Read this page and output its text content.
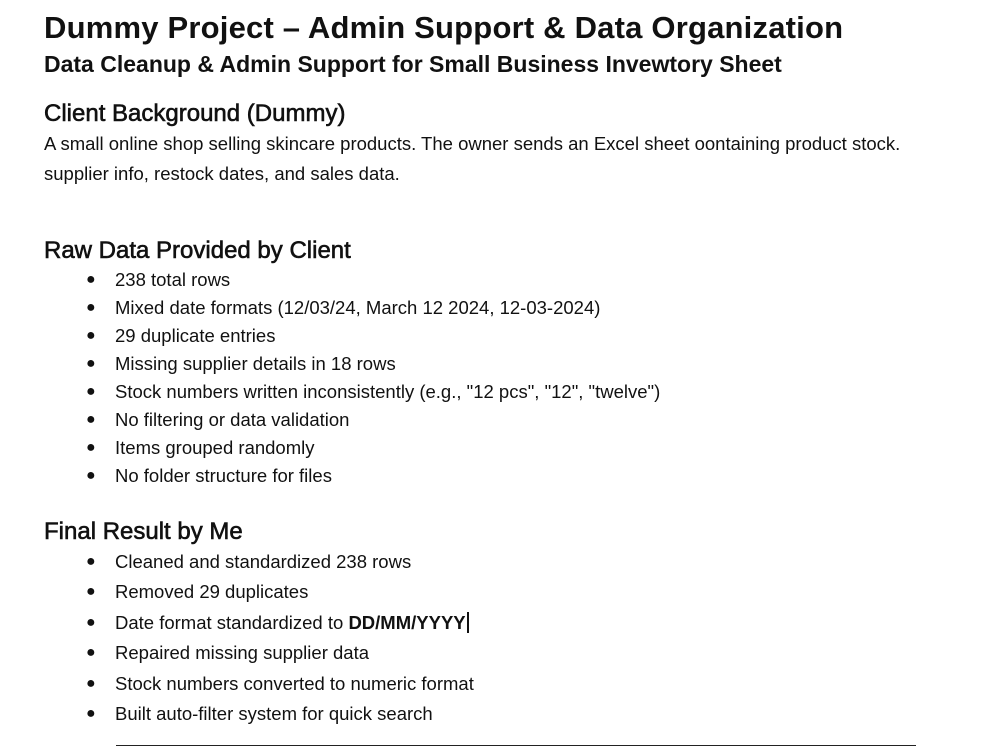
Dummy Project – Admin Support & Data Organization
Data Cleanup & Admin Support for Small Business Invewtory Sheet
Client Background (Dummy)

A small online shop selling skincare products. The owner sends an Excel sheet oontaining product stock. supplier info, restock dates, and sales data.

Raw Data Provided by Client
● 238 total rows
● Mixed date formats (12/03/24, March 12 2024, 12-03-2024)
● 29 duplicate entries
● Missing supplier details in 18 rows
● Stock numbers written inconsistently (e.g., "12 pcs", "12", "twelve")
● No filtering or data validation
● Items grouped randomly
● No folder structure for files
Final Result by Me
● Cleaned and standardized 238 rows
● Removed 29 duplicates
● Date format standardized to DD/MM/YYYY
● Repaired missing supplier data
● Stock numbers converted to numeric format
● Built auto-filter system for quick search
